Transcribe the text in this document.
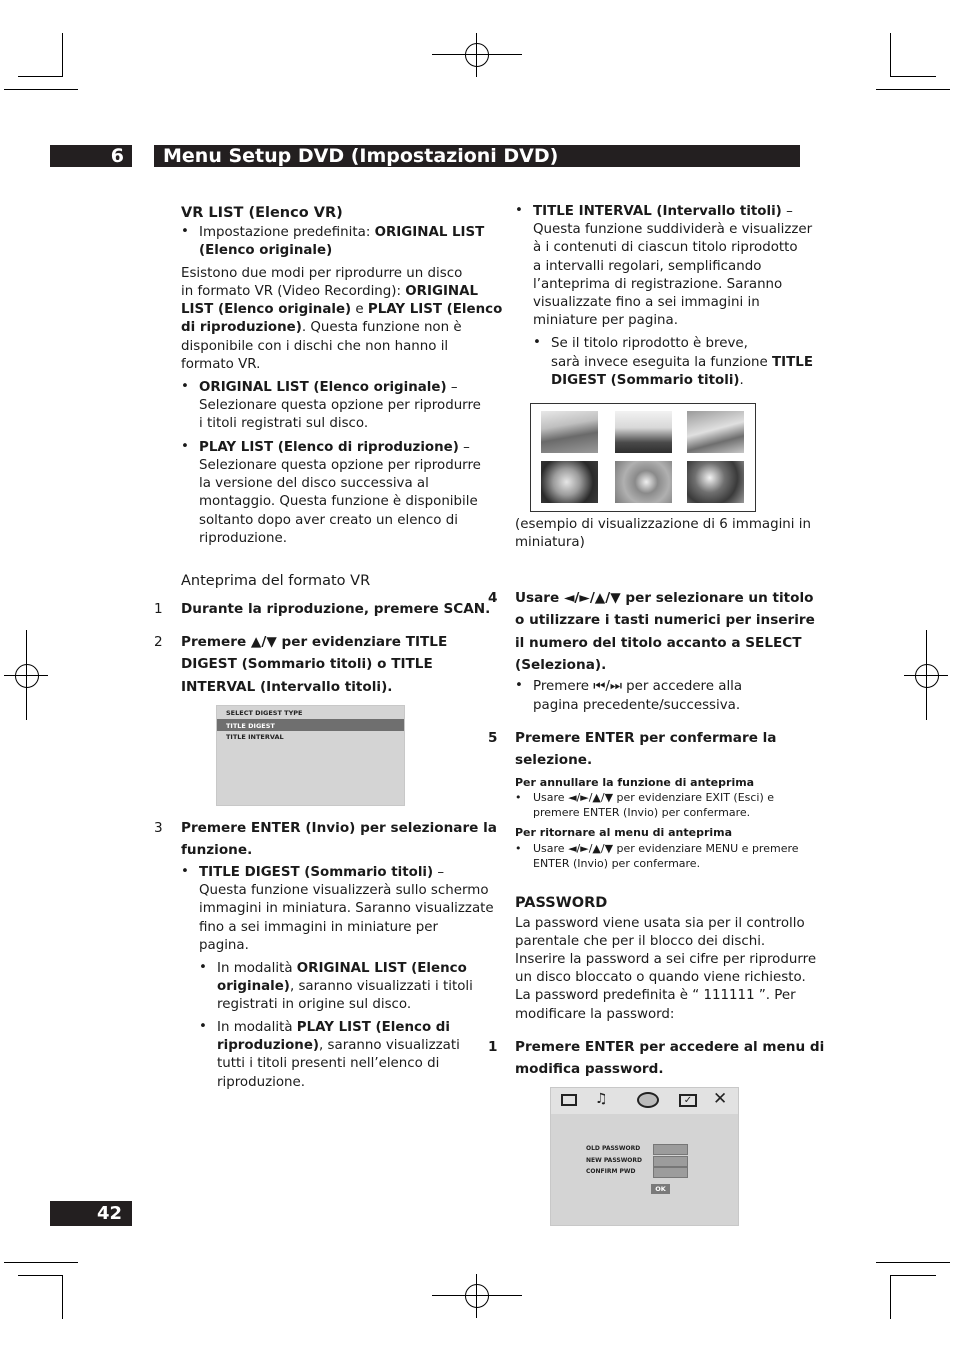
6	Menu Setup DVD (Impostazioni DVD)
VR LIST (Elenco VR)
• Impostazione predefinita: ORIGINAL LIST
(Elenco originale)
Esistono due modi per riprodurre un disco
in formato VR (Video Recording): ORIGINAL
LIST (Elenco originale) e PLAY LIST (Elenco
di riproduzione). Questa funzione non è
disponibile con i dischi che non hanno il
formato VR.
• ORIGINAL LIST (Elenco originale) –
Selezionare questa opzione per riprodurre
i titoli registrati sul disco.
• PLAY LIST (Elenco di riproduzione) –
Selezionare questa opzione per riprodurre
la versione del disco successiva al
montaggio. Questa funzione è disponibile
soltanto dopo aver creato un elenco di
riproduzione.
Anteprima del formato VR
1 Durante la riproduzione, premere SCAN.
2 Premere ▲/▼ per evidenziare TITLE
DIGEST (Sommario titoli) o TITLE
INTERVAL (Intervallo titoli).
SELECT DIGEST TYPE
TITLE DIGEST
TITLE INTERVAL
3 Premere ENTER (Invio) per selezionare la
funzione.
• TITLE DIGEST (Sommario titoli) –
Questa funzione visualizzerà sullo schermo
immagini in miniatura. Saranno visualizzate
fino a sei immagini in miniature per
pagina.
• In modalità ORIGINAL LIST (Elenco
originale), saranno visualizzati i titoli
registrati in origine sul disco.
• In modalità PLAY LIST (Elenco di
riproduzione), saranno visualizzati
tutti i titoli presenti nell’elenco di
riproduzione.
• TITLE INTERVAL (Intervallo titoli) –
Questa funzione suddividerà e visualizzer
à i contenuti di ciascun titolo riprodotto
a intervalli regolari, semplificando
l’anteprima di registrazione. Saranno
visualizzate fino a sei immagini in
miniature per pagina.
• Se il titolo riprodotto è breve,
sarà invece eseguita la funzione TITLE
DIGEST (Sommario titoli).
(esempio di visualizzazione di 6 immagini in
miniatura)
4 Usare ◄/►/▲/▼ per selezionare un titolo
o utilizzare i tasti numerici per inserire
il numero del titolo accanto a SELECT
(Seleziona).
• Premere ⏮/⏭ per accedere alla
pagina precedente/successiva.
5 Premere ENTER per confermare la
selezione.
Per annullare la funzione di anteprima
• Usare ◄/►/▲/▼ per evidenziare EXIT (Esci) e
premere ENTER (Invio) per confermare.
Per ritornare al menu di anteprima
• Usare ◄/►/▲/▼ per evidenziare MENU e premere
ENTER (Invio) per confermare.
PASSWORD
La password viene usata sia per il controllo
parentale che per il blocco dei dischi.
Inserire la password a sei cifre per riprodurre
un disco bloccato o quando viene richiesto.
La password predefinita è “ 111111 ”. Per
modificare la password:
1 Premere ENTER per accedere al menu di
modifica password.
♫	✓ ✕
OLD PASSWORD
NEW PASSWORD
CONFIRM PWD
OK
42
